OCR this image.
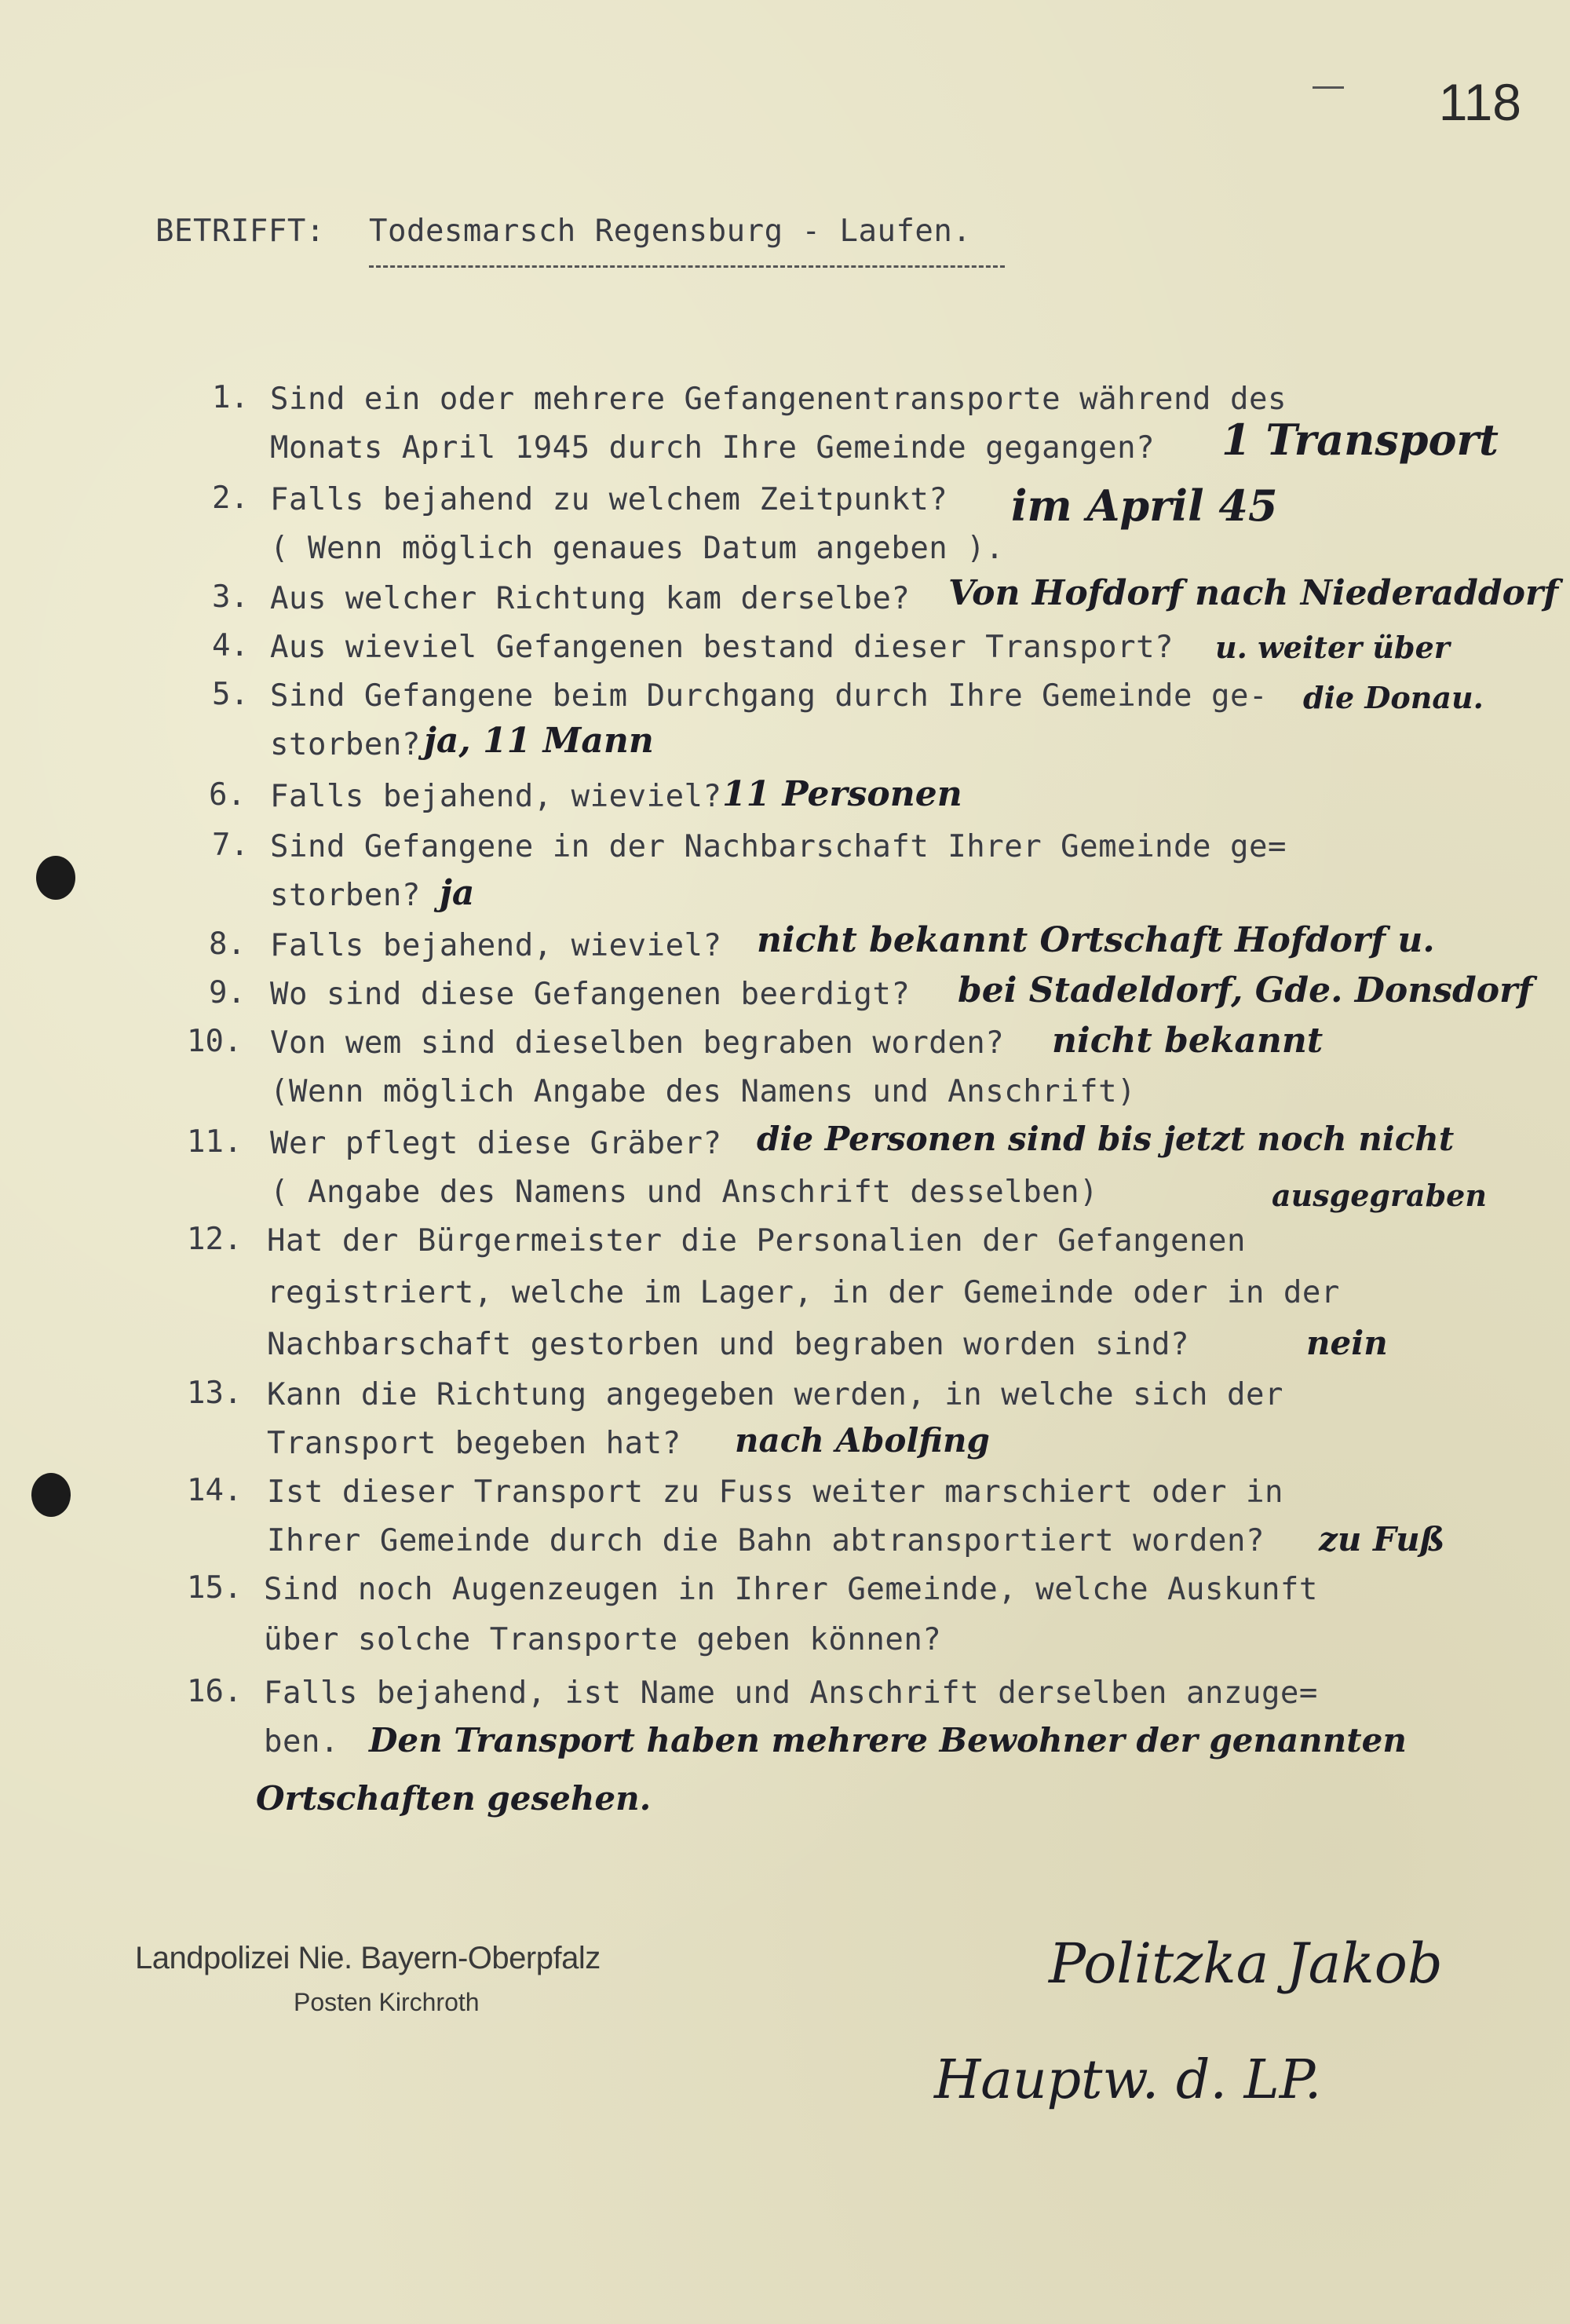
118
BETRIFFT: Todesmarsch Regensburg - Laufen.
1. Sind ein oder mehrere Gefangenentransporte während des
Monats April 1945 durch Ihre Gemeinde gegangen? 1 Transport
2. Falls bejahend zu welchem Zeitpunkt?
( Wenn möglich genaues Datum angeben ).
im April 45
3. Aus welcher Richtung kam derselbe? Von Hofdorf nach Niederaddorf
4. Aus wieviel Gefangenen bestand dieser Transport? u. weiter über
5. Sind Gefangene beim Durchgang durch Ihre Gemeinde ge-
storben?
die Donau.
ja, 11 Mann
6. Falls bejahend, wieviel? 11 Personen
7. Sind Gefangene in der Nachbarschaft Ihrer Gemeinde ge=
storben? ja
8. Falls bejahend, wieviel? nicht bekannt Ortschaft Hofdorf u.
9. Wo sind diese Gefangenen beerdigt? bei Stadeldorf, Gde. Donsdorf
10. Von wem sind dieselben begraben worden?
(Wenn möglich Angabe des Namens und Anschrift)
nicht bekannt
11. Wer pflegt diese Gräber?
( Angabe des Namens und Anschrift desselben)
die Personen sind bis jetzt noch nicht
ausgegraben
12. Hat der Bürgermeister die Personalien der Gefangenen
registriert, welche im Lager, in der Gemeinde oder in der
Nachbarschaft gestorben und begraben worden sind?	nein
13. Kann die Richtung angegeben werden, in welche sich der
Transport begeben hat? nach Abolfing
14. Ist dieser Transport zu Fuss weiter marschiert oder in
Ihrer Gemeinde durch die Bahn abtransportiert worden? zu Fuß
15. Sind noch Augenzeugen in Ihrer Gemeinde, welche Auskunft
über solche Transporte geben können?
16. Falls bejahend, ist Name und Anschrift derselben anzuge=
ben. Den Transport haben mehrere Bewohner der genannten
Ortschaften gesehen.
Landpolizei Nie. Bayern-Oberpfalz
Posten Kirchroth
Politzka Jakob
Hauptw. d. LP.
